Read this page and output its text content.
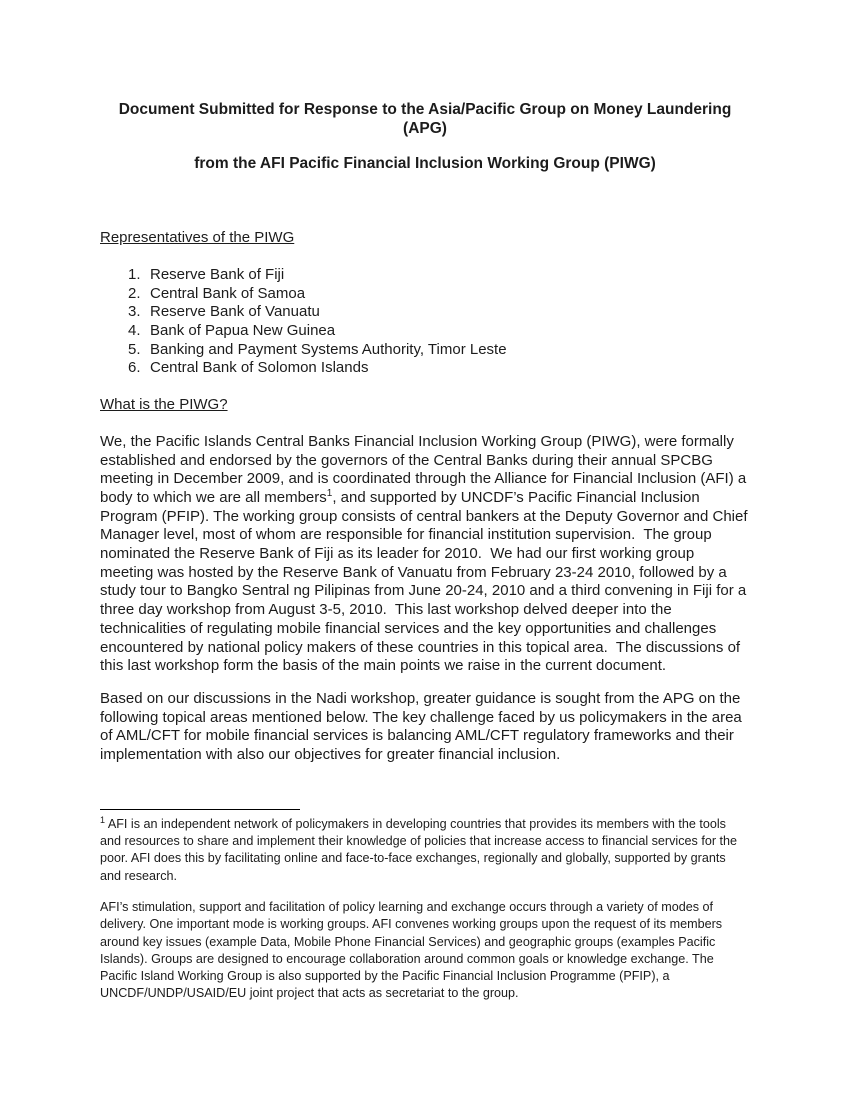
Document Submitted for Response to the Asia/Pacific Group on Money Laundering (APG)
from the AFI Pacific Financial Inclusion Working Group (PIWG)
Representatives of the PIWG
1. Reserve Bank of Fiji
2. Central Bank of Samoa
3. Reserve Bank of Vanuatu
4. Bank of Papua New Guinea
5. Banking and Payment Systems Authority, Timor Leste
6. Central Bank of Solomon Islands
What is the PIWG?

We, the Pacific Islands Central Banks Financial Inclusion Working Group (PIWG), were formally established and endorsed by the governors of the Central Banks during their annual SPCBG meeting in December 2009, and is coordinated through the Alliance for Financial Inclusion (AFI) a body to which we are all members$^1$, and supported by UNCDF’s Pacific Financial Inclusion Program (PFIP). The working group consists of central bankers at the Deputy Governor and Chief Manager level, most of whom are responsible for financial institution supervision.  The group nominated the Reserve Bank of Fiji as its leader for 2010.  We had our first working group meeting was hosted by the Reserve Bank of Vanuatu from February 23-24 2010, followed by a study tour to Bangko Sentral ng Pilipinas from June 20-24, 2010 and a third convening in Fiji for a three day workshop from August 3-5, 2010.  This last workshop delved deeper into the technicalities of regulating mobile financial services and the key opportunities and challenges encountered by national policy makers of these countries in this topical area.  The discussions of this last workshop form the basis of the main points we raise in the current document.

Based on our discussions in the Nadi workshop, greater guidance is sought from the APG on the following topical areas mentioned below. The key challenge faced by us policymakers in the area of AML/CFT for mobile financial services is balancing AML/CFT regulatory frameworks and their implementation with also our objectives for greater financial inclusion.

$^1$ AFI is an independent network of policymakers in developing countries that provides its members with the tools and resources to share and implement their knowledge of policies that increase access to financial services for the poor. AFI does this by facilitating online and face-to-face exchanges, regionally and globally, supported by grants and research.

AFI’s stimulation, support and facilitation of policy learning and exchange occurs through a variety of modes of delivery. One important mode is working groups. AFI convenes working groups upon the request of its members around key issues (example Data, Mobile Phone Financial Services) and geographic groups (examples Pacific Islands). Groups are designed to encourage collaboration around common goals or knowledge exchange. The Pacific Island Working Group is also supported by the Pacific Financial Inclusion Programme (PFIP), a UNCDF/UNDP/USAID/EU joint project that acts as secretariat to the group.
